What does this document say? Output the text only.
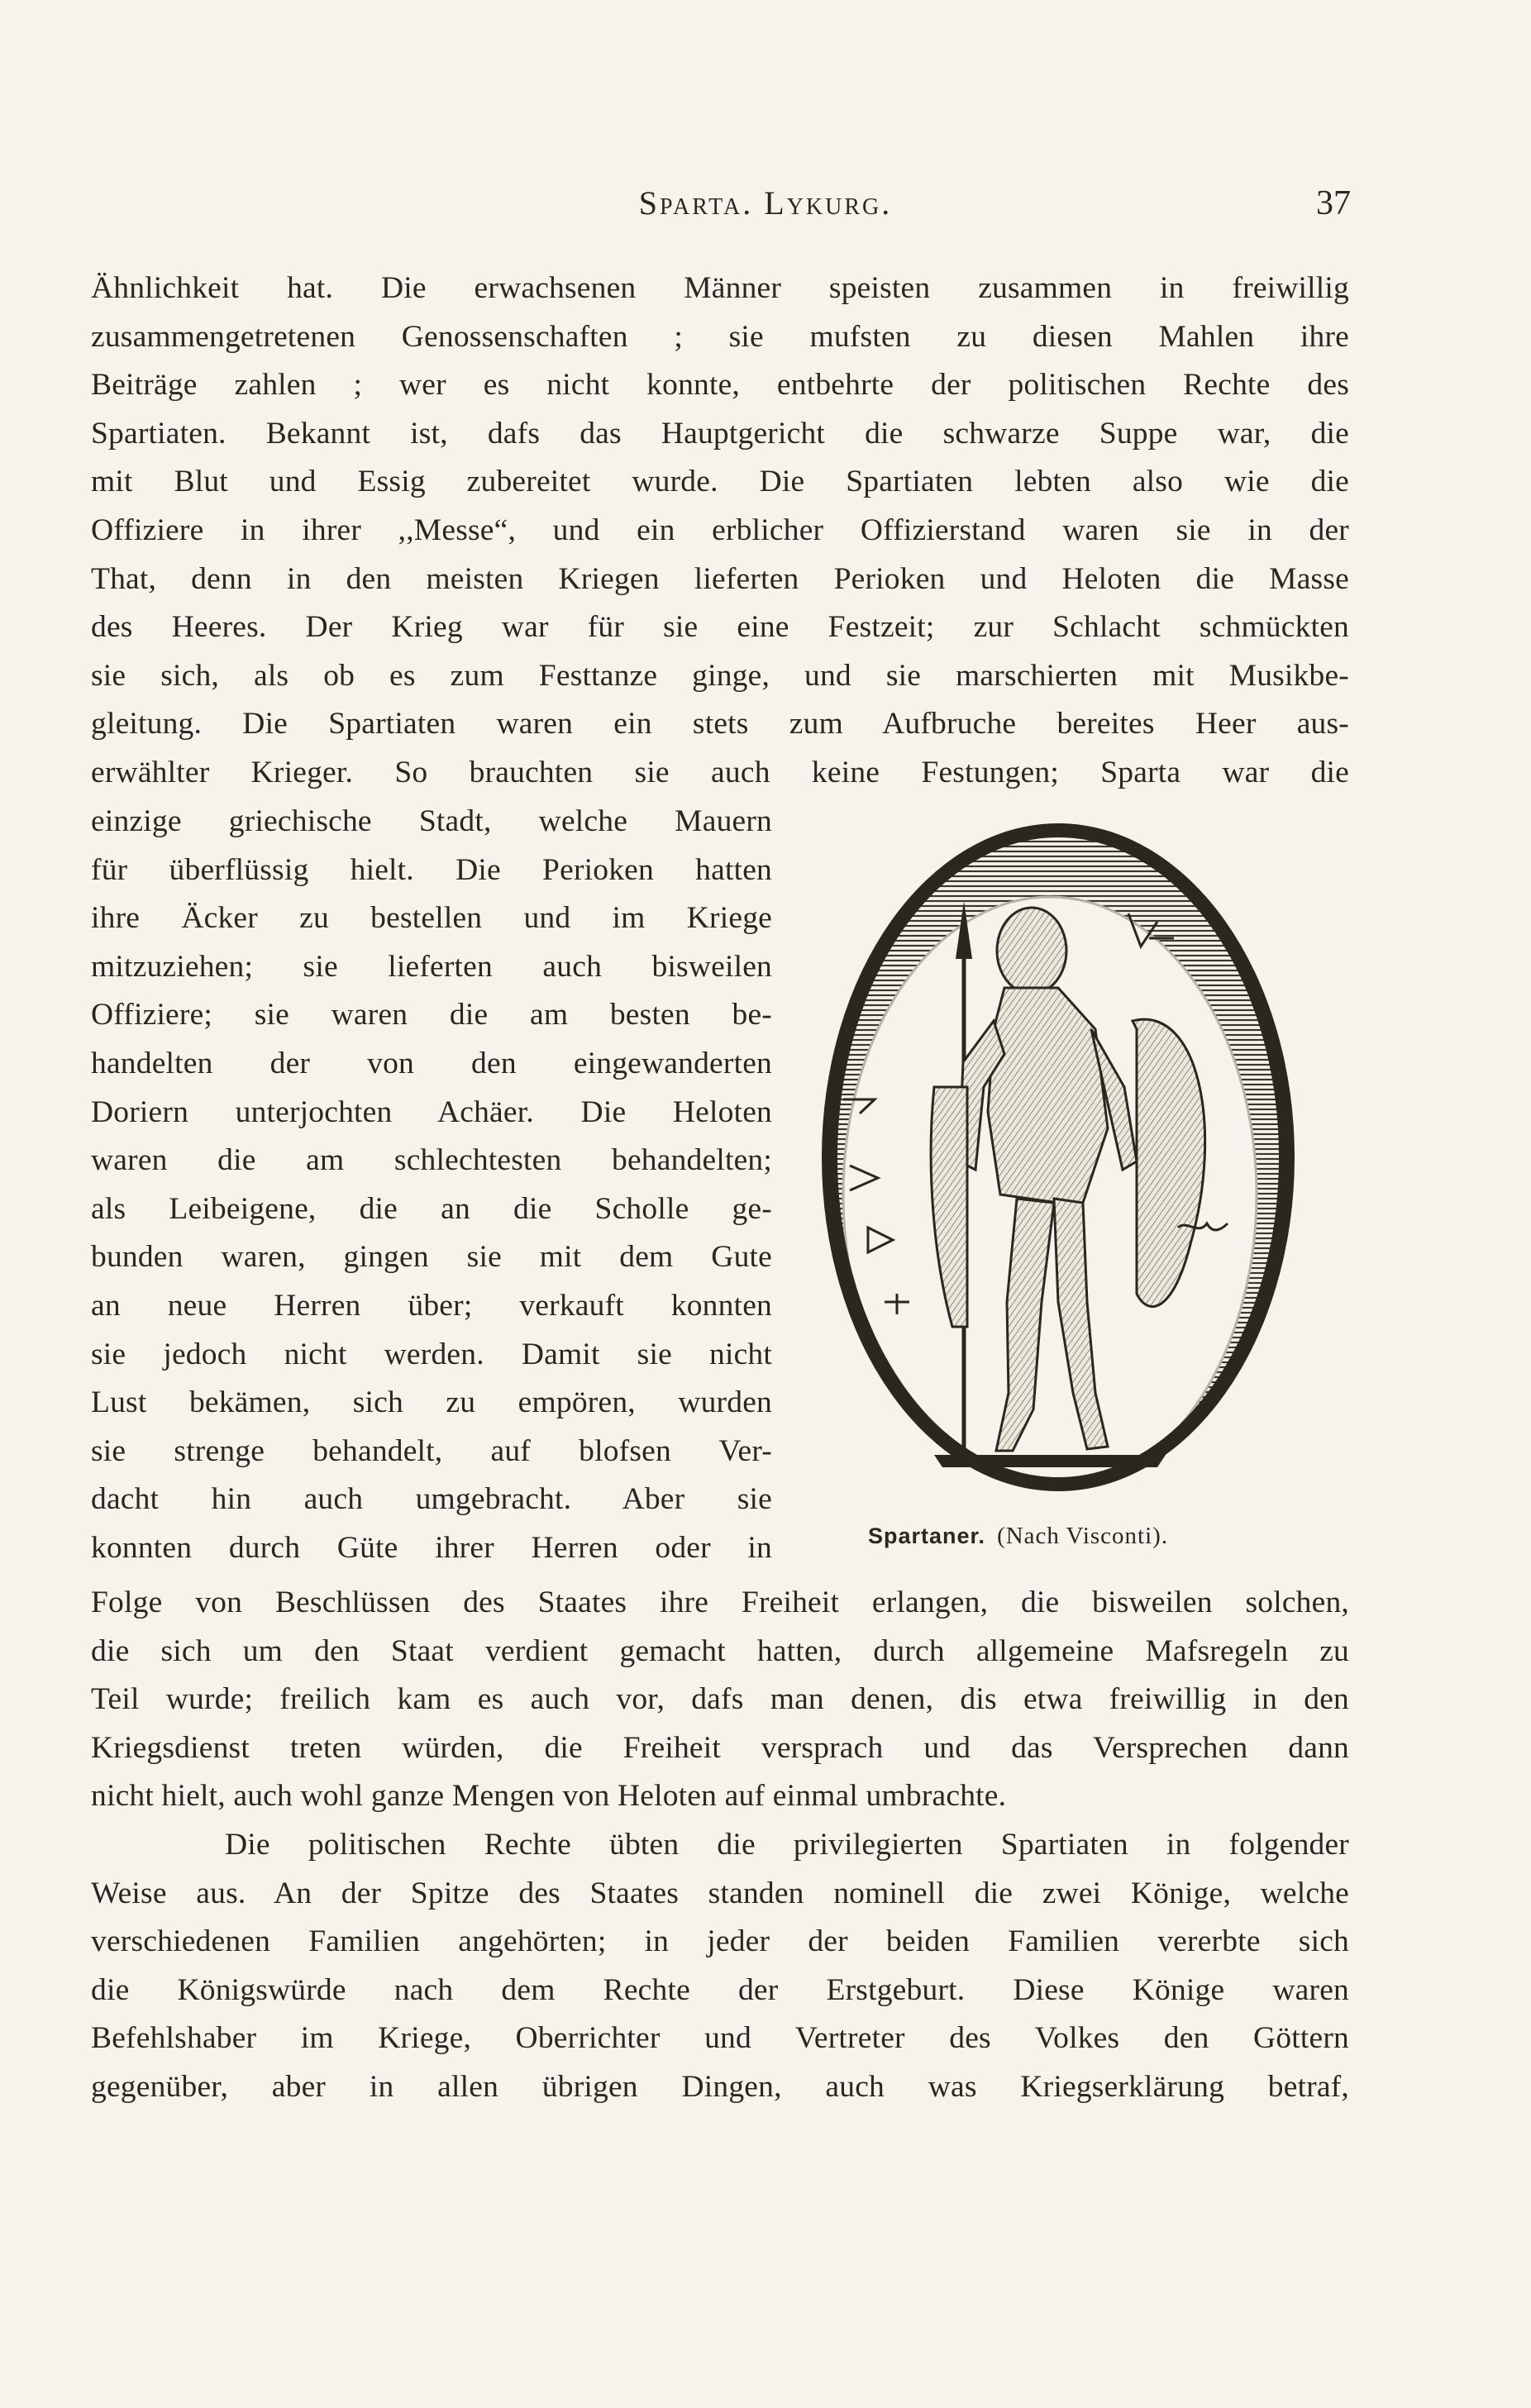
Sparta. Lykurg.	37
Ähnlichkeit hat. Die erwachsenen Männer speisten zusammen in freiwillig
zusammengetretenen Genossenschaften ; sie mufsten zu diesen Mahlen ihre
Beiträge zahlen ; wer es nicht konnte, entbehrte der politischen Rechte des
Spartiaten. Bekannt ist, dafs das Hauptgericht die schwarze Suppe war, die
mit Blut und Essig zubereitet wurde. Die Spartiaten lebten also wie die
Offiziere in ihrer ,,Messe“, und ein erblicher Offizierstand waren sie in der
That, denn in den meisten Kriegen lieferten Perioken und Heloten die Masse
des Heeres. Der Krieg war für sie eine Festzeit; zur Schlacht schmückten
sie sich, als ob es zum Festtanze ginge, und sie marschierten mit Musikbe-
gleitung. Die Spartiaten waren ein stets zum Aufbruche bereites Heer aus-
erwählter Krieger. So brauchten sie auch keine Festungen; Sparta war die
einzige griechische Stadt, welche Mauern
für überflüssig hielt. Die Perioken hatten
ihre Äcker zu bestellen und im Kriege
mitzuziehen; sie lieferten auch bisweilen
Offiziere; sie waren die am besten be-
handelten der von den eingewanderten
Doriern unterjochten Achäer. Die Heloten
waren die am schlechtesten behandelten;
als Leibeigene, die an die Scholle ge-
bunden waren, gingen sie mit dem Gute
an neue Herren über; verkauft konnten
sie jedoch nicht werden. Damit sie nicht
Lust bekämen, sich zu empören, wurden
sie strenge behandelt, auf blofsen Ver-
dacht hin auch umgebracht. Aber sie
konnten durch Güte ihrer Herren oder in	Spartaner. (Nach Visconti).
Folge von Beschlüssen des Staates ihre Freiheit erlangen, die bisweilen solchen,
die sich um den Staat verdient gemacht hatten, durch allgemeine Mafsregeln zu
Teil wurde; freilich kam es auch vor, dafs man denen, dis etwa freiwillig in den
Kriegsdienst treten würden, die Freiheit versprach und das Versprechen dann
nicht hielt, auch wohl ganze Mengen von Heloten auf einmal umbrachte.
Die politischen Rechte übten die privilegierten Spartiaten in folgender
Weise aus. An der Spitze des Staates standen nominell die zwei Könige, welche
verschiedenen Familien angehörten; in jeder der beiden Familien vererbte sich
die Königswürde nach dem Rechte der Erstgeburt. Diese Könige waren
Befehlshaber im Kriege, Oberrichter und Vertreter des Volkes den Göttern
gegenüber, aber in allen übrigen Dingen, auch was Kriegserklärung betraf,
